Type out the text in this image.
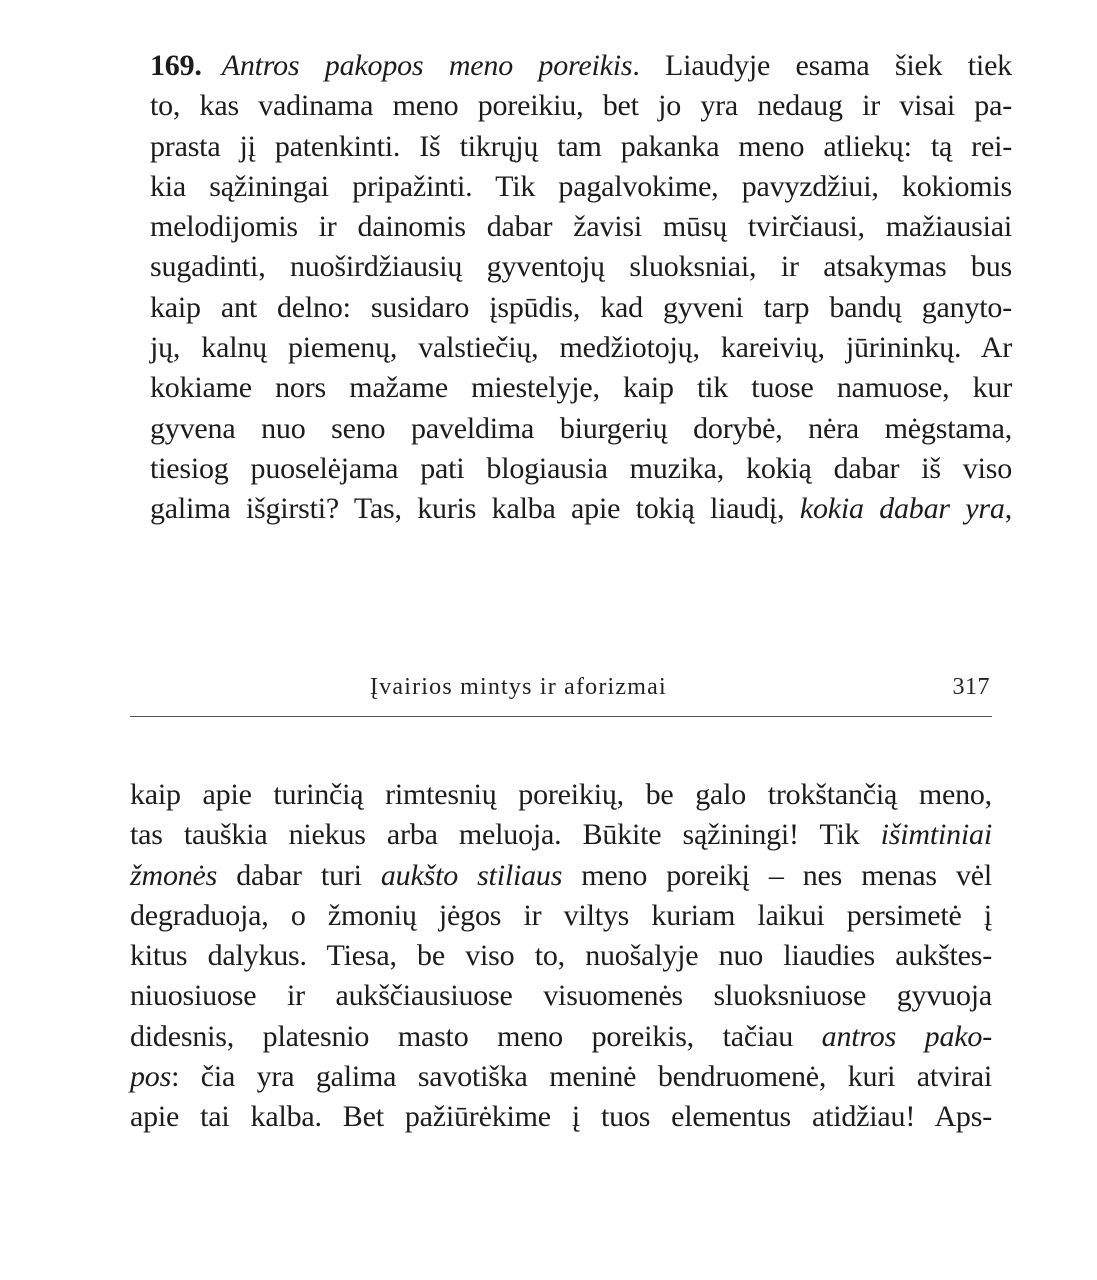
169. Antros pakopos meno poreikis. Liaudyje esama šiek tiek
to, kas vadinama meno poreikiu, bet jo yra nedaug ir visai pa-
prasta jį patenkinti. Iš tikrųjų tam pakanka meno atliekų: tą rei-
kia sąžiningai pripažinti. Tik pagalvokime, pavyzdžiui, kokiomis
melodijomis ir dainomis dabar žavisi mūsų tvirčiausi, mažiausiai
sugadinti, nuoširdžiausių gyventojų sluoksniai, ir atsakymas bus
kaip ant delno: susidaro įspūdis, kad gyveni tarp bandų ganyto-
jų, kalnų piemenų, valstiečių, medžiotojų, kareivių, jūrininkų. Ar
kokiame nors mažame miestelyje, kaip tik tuose namuose, kur
gyvena nuo seno paveldima biurgerių dorybė, nėra mėgstama,
tiesiog puoselėjama pati blogiausia muzika, kokią dabar iš viso
galima išgirsti? Tas, kuris kalba apie tokią liaudį, kokia dabar yra,
Įvairios mintys ir aforizmai	317
kaip apie turinčią rimtesnių poreikių, be galo trokštančią meno,
tas tauškia niekus arba meluoja. Būkite sąžiningi! Tik išimtiniai
žmonės dabar turi aukšto stiliaus meno poreikį – nes menas vėl
degraduoja, o žmonių jėgos ir viltys kuriam laikui persimetė į
kitus dalykus. Tiesa, be viso to, nuošalyje nuo liaudies aukštes-
niuosiuose ir aukščiausiuose visuomenės sluoksniuose gyvuoja
didesnis, platesnio masto meno poreikis, tačiau antros pako-
pos: čia yra galima savotiška meninė bendruomenė, kuri atvirai
apie tai kalba. Bet pažiūrėkime į tuos elementus atidžiau! Aps-
